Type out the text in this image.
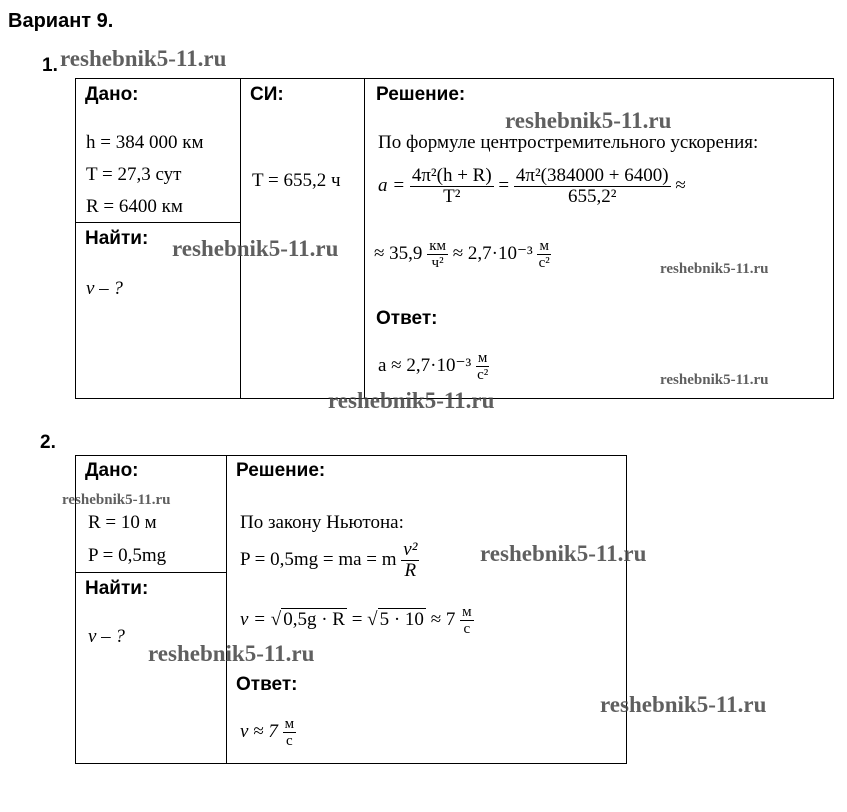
Вариант 9.
1.
Дано:	СИ:	Решение:
h = 384 000 км
T = 27,3 сут
R = 6400 км
Найти:
v – ?
T = 655,2 ч
По формуле центростремительного ускорения:
$a = \frac{\text{4π²(h + R)}}{\text{T²}} = \frac{\text{4π²(384000 + 6400)}}{\text{655,2²}}$ ≈
≈ $35,9 \frac{км}{\text{ч²}} \approx 2,7\cdot 10^{-3} \frac{м}{\text{с²}}$
Ответ:
$a \approx 2,7\cdot 10^{-3} \frac{м}{\text{с²}}$
2.
Дано:	Решение:
R = 10 м
P = 0,5mg
Найти:
v – ?
По закону Ньютона:
P = 0,5mg = ma = m $\frac{\text{v²}}{R}$
v = √ 0,5g · R = √ $5 \cdot 10 \approx 7 \frac{м}{с}$
Ответ:
$v \approx 7 \frac{м}{с}$
reshebnik5-11.ru
reshebnik5-11.ru
reshebnik5-11.ru
reshebnik5-11.ru
reshebnik5-11.ru
reshebnik5-11.ru
reshebnik5-11.ru
reshebnik5-11.ru
reshebnik5-11.ru
reshebnik5-11.ru
